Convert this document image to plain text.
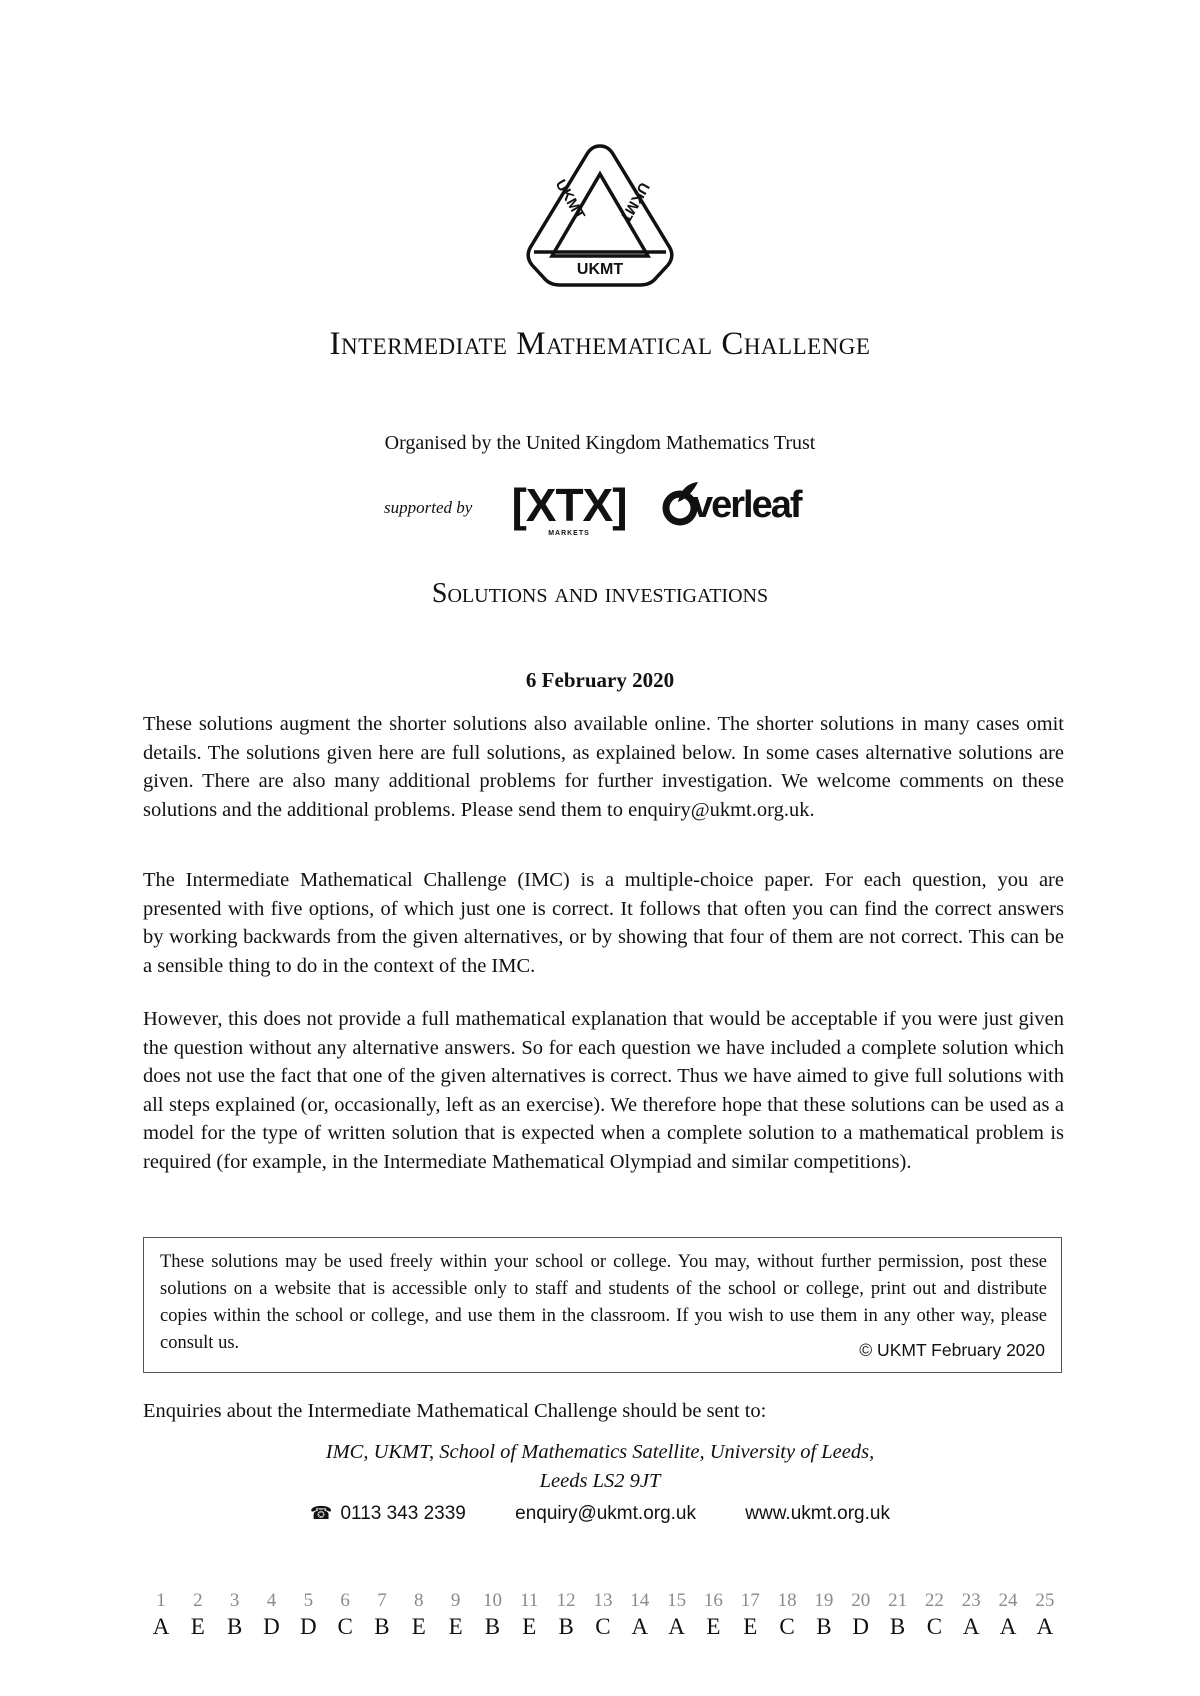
UKMT UKMT
UKMT
Intermediate Mathematical Challenge
Organised by the United Kingdom Mathematics Trust
supported by [XTX]
MARKETS
verleaf
Solutions and investigations
6 February 2020

These solutions augment the shorter solutions also available online. The shorter solutions in many cases omit details. The solutions given here are full solutions, as explained below. In some cases alternative solutions are given. There are also many additional problems for further investigation. We welcome comments on these solutions and the additional problems. Please send them to enquiry@ukmt.org.uk.

The Intermediate Mathematical Challenge (IMC) is a multiple-choice paper. For each question, you are presented with five options, of which just one is correct. It follows that often you can find the correct answers by working backwards from the given alternatives, or by showing that four of them are not correct. This can be a sensible thing to do in the context of the IMC.

However, this does not provide a full mathematical explanation that would be acceptable if you were just given the question without any alternative answers. So for each question we have included a complete solution which does not use the fact that one of the given alternatives is correct. Thus we have aimed to give full solutions with all steps explained (or, occasionally, left as an exercise). We therefore hope that these solutions can be used as a model for the type of written solution that is expected when a complete solution to a mathematical problem is required (for example, in the Intermediate Mathematical Olympiad and similar competitions).

These solutions may be used freely within your school or college. You may, without further permission, post these solutions on a website that is accessible only to staff and students of the school or college, print out and distribute copies within the school or college, and use them in the classroom. If you wish to use them in any other way, please consult us.	© UKMT February 2020
Enquiries about the Intermediate Mathematical Challenge should be sent to:
IMC, UKMT, School of Mathematics Satellite, University of Leeds,
Leeds LS2 9JT
☎ 0113 343 2339	enquiry@ukmt.org.uk	www.ukmt.org.uk
1	2	3	4	5	6	7	8	9	10 11 12 13 14 15 16 17 18 19 20 21 22 23 24 25
A E B D D C B E E B E B C A A E E C B D B C A A A
